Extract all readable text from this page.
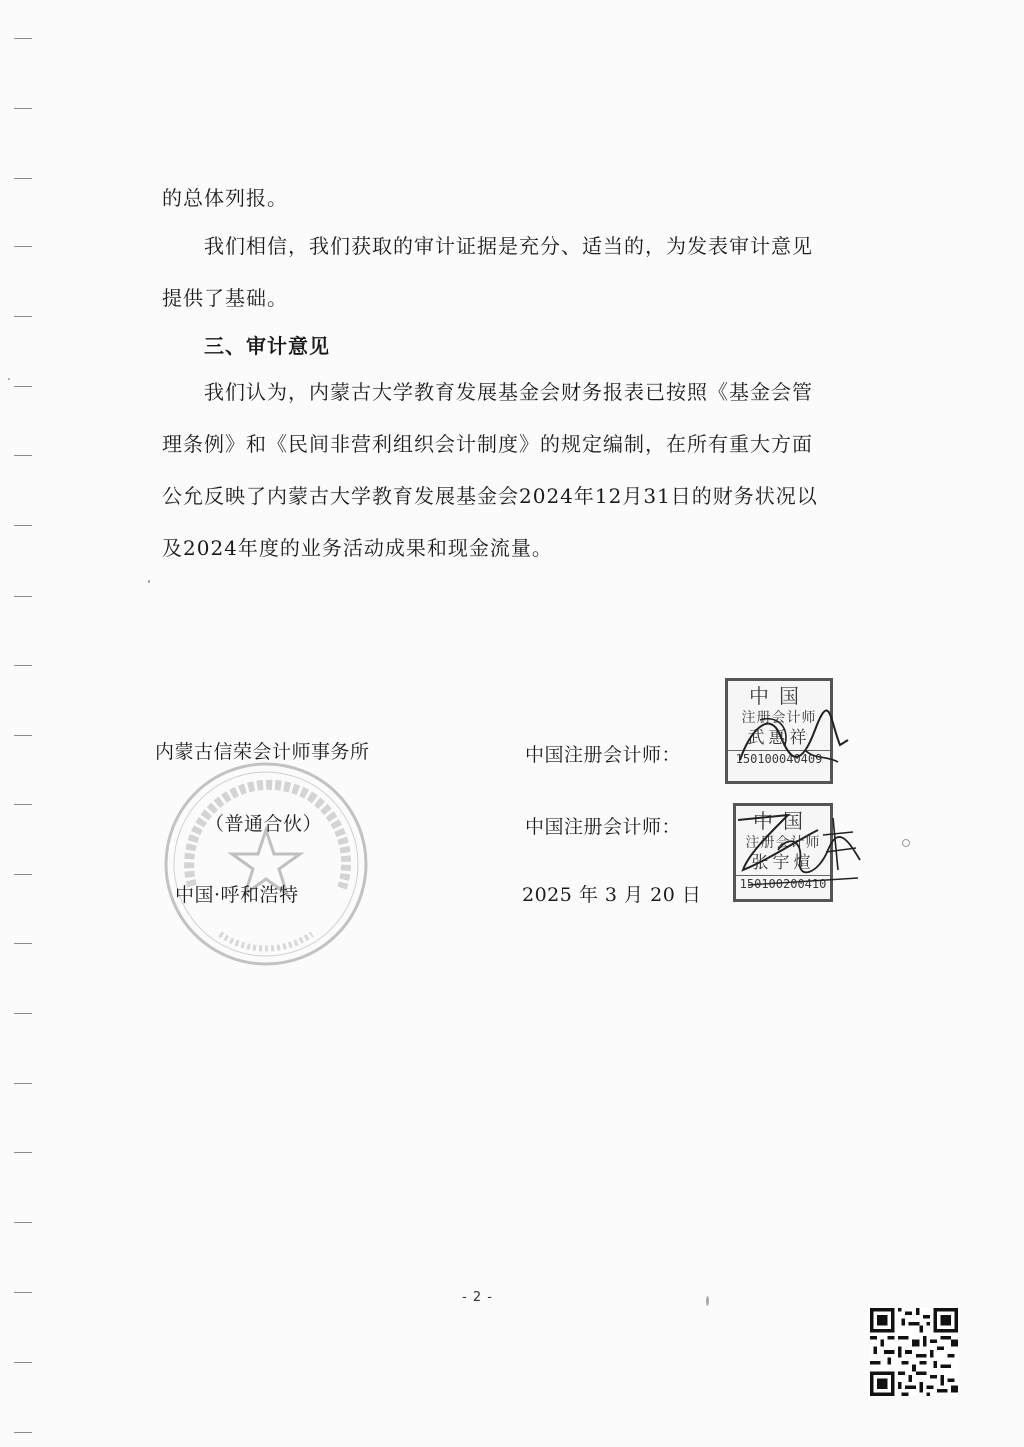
的总体列报。

我们相信，我们获取的审计证据是充分、适当的，为发表审计意见提供了基础。

三、审计意见

我们认为，内蒙古大学教育发展基金会财务报表已按照《基金会管理条例》和《民间非营利组织会计制度》的规定编制，在所有重大方面公允反映了内蒙古大学教育发展基金会2024年12月31日的财务状况以及2024年度的业务活动成果和现金流量。

内蒙古信荣会计师事务所
（普通合伙）
中国·呼和浩特
中国注册会计师：
中国注册会计师：
2025 年 3 月 20 日
中国
注册会计师
武惠祥
150100040409
中国
注册会计师
张宇煊
150100200410
- 2 -
